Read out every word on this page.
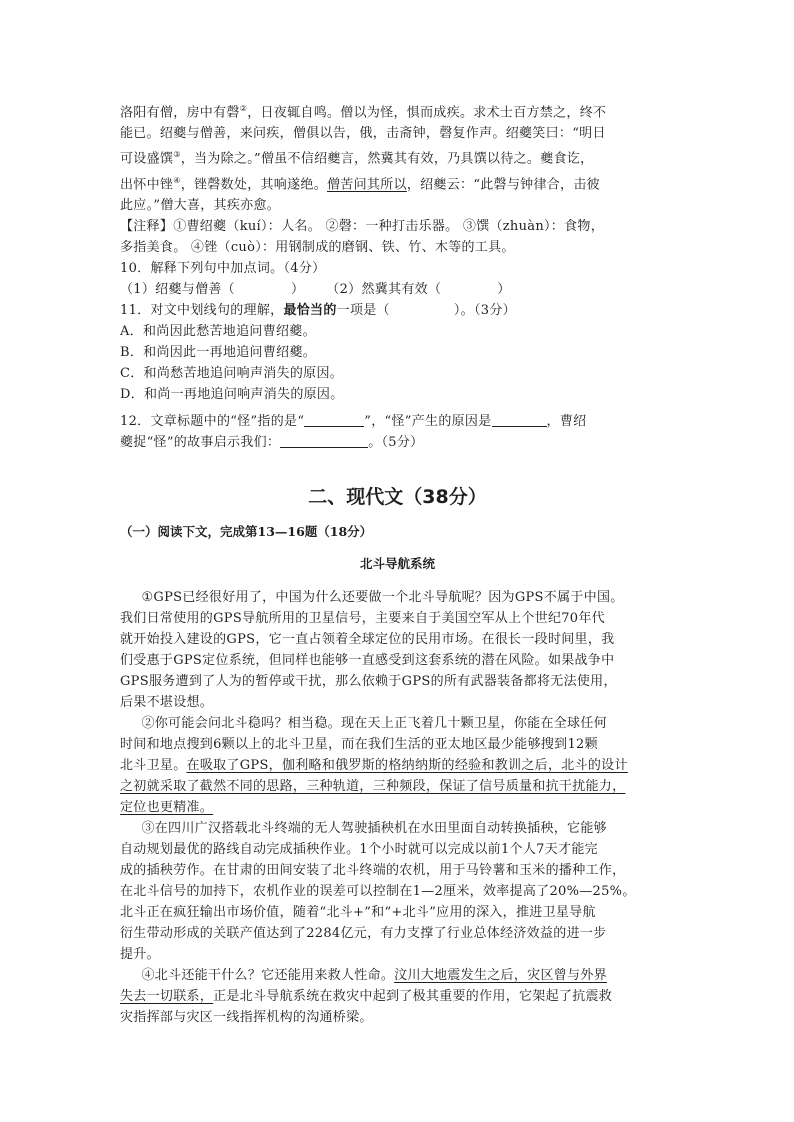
洛阳有僧，房中有磬②，日夜辄自鸣。僧以为怪，惧而成疾。求术士百方禁之，终不

能已。绍夔与僧善，来问疾，僧俱以告，俄，击斋钟，磬复作声。绍夔笑曰：“明日

可设盛馔③，当为除之。”僧虽不信绍夔言，然冀其有效，乃具馔以待之。夔食讫，

出怀中锉④，锉磬数处，其响遂绝。僧苦问其所以，绍夔云：“此磬与钟律合，击彼

此应。”僧大喜，其疾亦愈。

【注释】①曹绍夔（kuí）：人名。 ②磬：一种打击乐器。 ③馔（zhuàn）：食物，

多指美食。 ④锉（cuò）：用钢制成的磨钢、铁、竹、木等的工具。

10．解释下列句中加点词。（4分）

（1）绍夔与僧善（	） （2）然冀其有效（	）

11．对文中划线句的理解，最恰当的一项是（	）。（3分）

A．和尚因此愁苦地追问曹绍夔。

B．和尚因此一再地追问曹绍夔。

C．和尚愁苦地追问响声消失的原因。

D．和尚一再地追问响声消失的原因。

12．文章标题中的“怪”指的是“	”，“怪”产生的原因是	，曹绍

夔捉“怪”的故事启示我们：	。（5分）

二、现代文（38分）

（一）阅读下文，完成第13—16题（18分）

北斗导航系统

①GPS已经很好用了，中国为什么还要做一个北斗导航呢？因为GPS不属于中国。

我们日常使用的GPS导航所用的卫星信号，主要来自于美国空军从上个世纪70年代

就开始投入建设的GPS，它一直占领着全球定位的民用市场。在很长一段时间里，我

们受惠于GPS定位系统，但同样也能够一直感受到这套系统的潜在风险。如果战争中

GPS服务遭到了人为的暂停或干扰，那么依赖于GPS的所有武器装备都将无法使用，

后果不堪设想。

②你可能会问北斗稳吗？相当稳。现在天上正飞着几十颗卫星，你能在全球任何

时间和地点搜到6颗以上的北斗卫星，而在我们生活的亚太地区最少能够搜到12颗

北斗卫星。在吸取了GPS，伽利略和俄罗斯的格纳纳斯的经验和教训之后，北斗的设计

之初就采取了截然不同的思路，三种轨道，三种频段，保证了信号质量和抗干扰能力，

定位也更精准。

③在四川广汉搭载北斗终端的无人驾驶插秧机在水田里面自动转换插秧，它能够

自动规划最优的路线自动完成插秧作业。1个小时就可以完成以前1个人7天才能完

成的插秧劳作。在甘肃的田间安装了北斗终端的农机，用于马铃薯和玉米的播种工作，

在北斗信号的加持下，农机作业的误差可以控制在1—2厘米，效率提高了20%—25%。

北斗正在疯狂输出市场价值，随着“北斗+”和“+北斗”应用的深入，推进卫星导航

衍生带动形成的关联产值达到了2284亿元，有力支撑了行业总体经济效益的进一步

提升。

④北斗还能干什么？它还能用来救人性命。汶川大地震发生之后，灾区曾与外界

失去一切联系，正是北斗导航系统在救灾中起到了极其重要的作用，它架起了抗震救

灾指挥部与灾区一线指挥机构的沟通桥梁。
